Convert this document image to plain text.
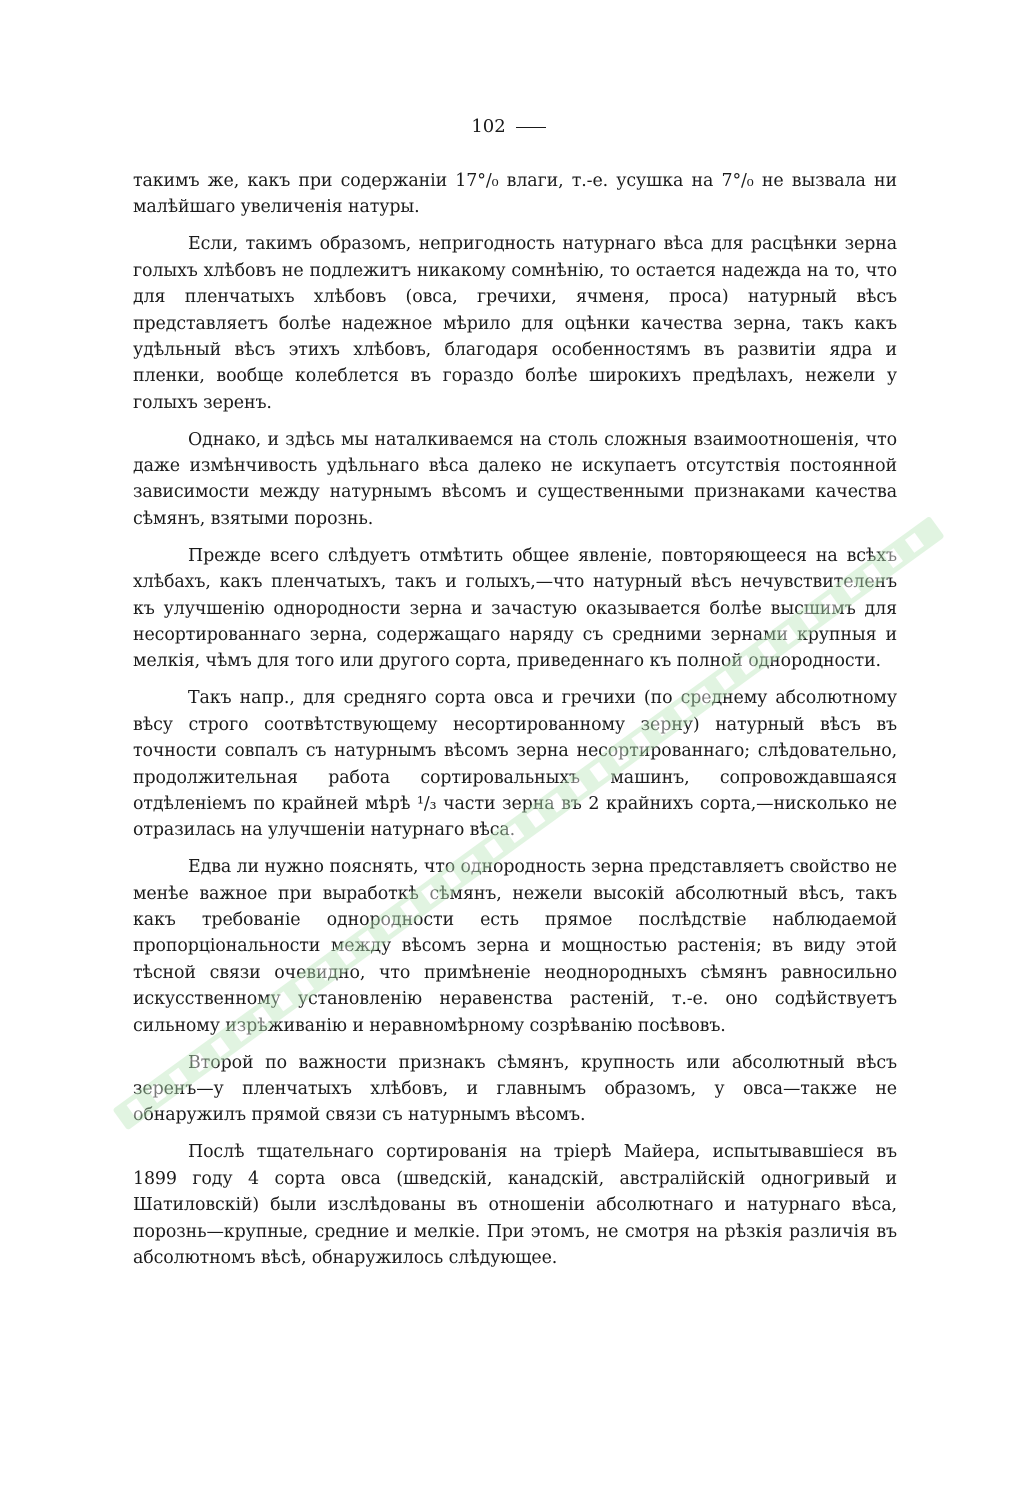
102

такимъ же, какъ при содержанiи 17°/₀ влаги, т.-е. усушка на 7°/₀ не вызвала ни малѣйшаго увеличенiя натуры.

Если, такимъ образомъ, непригодность натурнаго вѣса для расцѣнки зерна голыхъ хлѣбовъ не подлежитъ никакому сомнѣнiю, то остается надежда на то, что для пленчатыхъ хлѣбовъ (овса, гречихи, ячменя, проса) натурный вѣсъ представляетъ болѣе надежное мѣрило для оцѣнки качества зерна, такъ какъ удѣльный вѣсъ этихъ хлѣбовъ, благодаря особенностямъ въ развитiи ядра и пленки, вообще колеблется въ гораздо болѣе широкихъ предѣлахъ, нежели у голыхъ зеренъ.

Однако, и здѣсь мы наталкиваемся на столь сложныя взаимоотношенiя, что даже измѣнчивость удѣльнаго вѣса далеко не искупаетъ отсутствiя постоянной зависимости между натурнымъ вѣсомъ и существенными признаками качества сѣмянъ, взятыми порознь.

Прежде всего слѣдуетъ отмѣтить общее явленiе, повторяющееся на всѣхъ хлѣбахъ, какъ пленчатыхъ, такъ и голыхъ,—что натурный вѣсъ нечувствителенъ къ улучшенiю однородности зерна и зачастую оказывается болѣе высшимъ для несортированнаго зерна, содержащаго наряду съ средними зернами крупныя и мелкiя, чѣмъ для того или другого сорта, приведеннаго къ полной однородности.

Такъ напр., для средняго сорта овса и гречихи (по среднему абсолютному вѣсу строго соотвѣтствующему несортированному зерну) натурный вѣсъ въ точности совпалъ съ натурнымъ вѣсомъ зерна несортированнаго; слѣдовательно, продолжительная работа сортировальныхъ машинъ, сопровождавшаяся отдѣленiемъ по крайней мѣрѣ ¹/₃ части зерна въ 2 крайнихъ сорта,—нисколько не отразилась на улучшенiи натурнаго вѣса.

Едва ли нужно пояснять, что однородность зерна представляетъ свойство не менѣе важное при выработкѣ сѣмянъ, нежели высокiй абсолютный вѣсъ, такъ какъ требованiе однородности есть прямое послѣдствiе наблюдаемой пропорцiональности между вѣсомъ зерна и мощностью растенiя; въ виду этой тѣсной связи очевидно, что примѣненiе неоднородныхъ сѣмянъ равносильно искусственному установленiю неравенства растенiй, т.-е. оно содѣйствуетъ сильному изрѣживанiю и неравномѣрному созрѣванiю посѣвовъ.

Второй по важности признакъ сѣмянъ, крупность или абсолютный вѣсъ зеренъ—у пленчатыхъ хлѣбовъ, и главнымъ образомъ, у овса—также не обнаружилъ прямой связи съ натурнымъ вѣсомъ.

Послѣ тщательнаго сортированiя на трiерѣ Майера, испытывавшiеся въ 1899 году 4 сорта овса (шведскiй, канадскiй, австралiйскiй одногривый и Шатиловскiй) были изслѣдованы въ отношенiи абсолютнаго и натурнаго вѣса, порознь—крупные, средние и мелкiе. При этомъ, не смотря на рѣзкiя различiя въ абсолютномъ вѣсѣ, обнаружилось слѣдующее.
